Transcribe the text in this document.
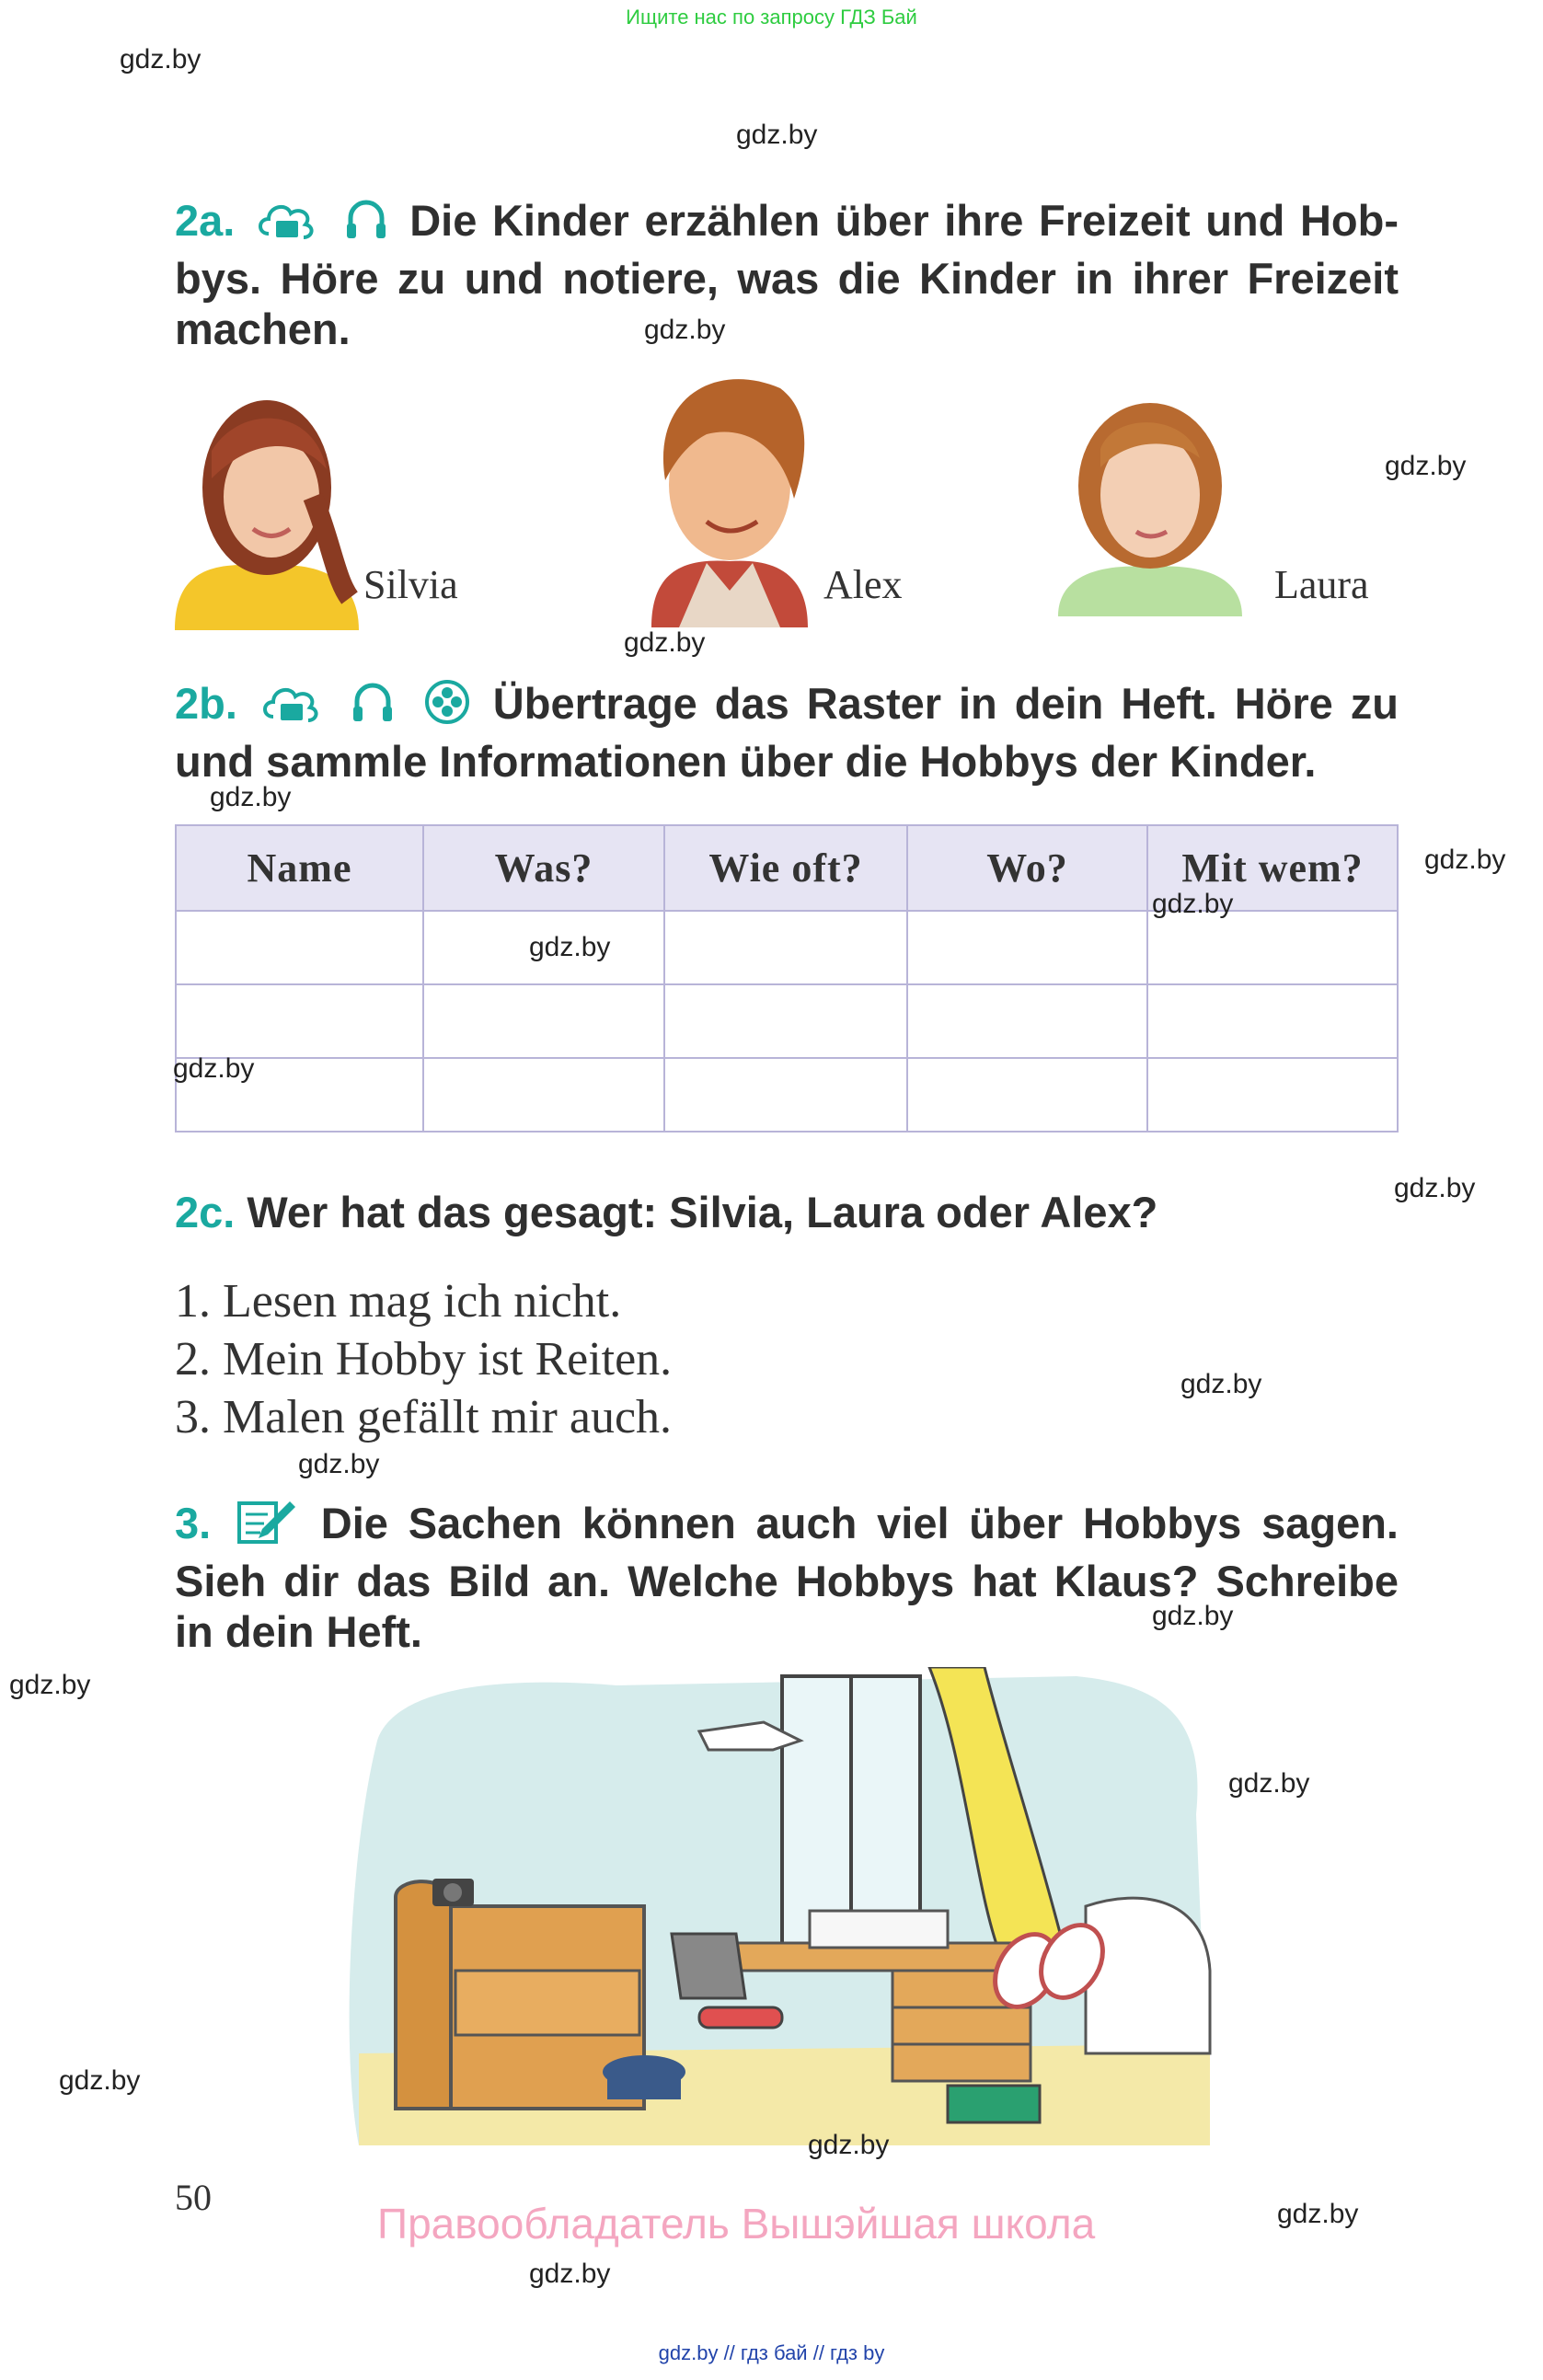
Ищите нас по запросу ГДЗ Бай
gdz.by
gdz.by
gdz.by
gdz.by
gdz.by
gdz.by
gdz.by
gdz.by
gdz.by
gdz.by
gdz.by
gdz.by
gdz.by
gdz.by
gdz.by
gdz.by
gdz.by
gdz.by
gdz.by
gdz.by
2a.	Die Kinder erzählen über ihre Freizeit und Hobbys. Höre zu und notiere, was die Kinder in ihrer Freizeit machen.
Silvia	Alex	Laura
2b.	Übertrage das Raster in dein Heft. Höre zu und sammle Informationen über die Hobbys der Kinder.
Name	Was?	Wie oft?	Wo?	Mit wem?

2c. Wer hat das gesagt: Silvia, Laura oder Alex?
1. Lesen mag ich nicht.
2. Mein Hobby ist Reiten.
3. Malen gefällt mir auch.
3.	Die Sachen können auch viel über Hobbys sagen. Sieh dir das Bild an. Welche Hobbys hat Klaus? Schreibe in dein Heft.
50
Правообладатель Вышэйшая школа
gdz.by // гдз бай // гдз by
